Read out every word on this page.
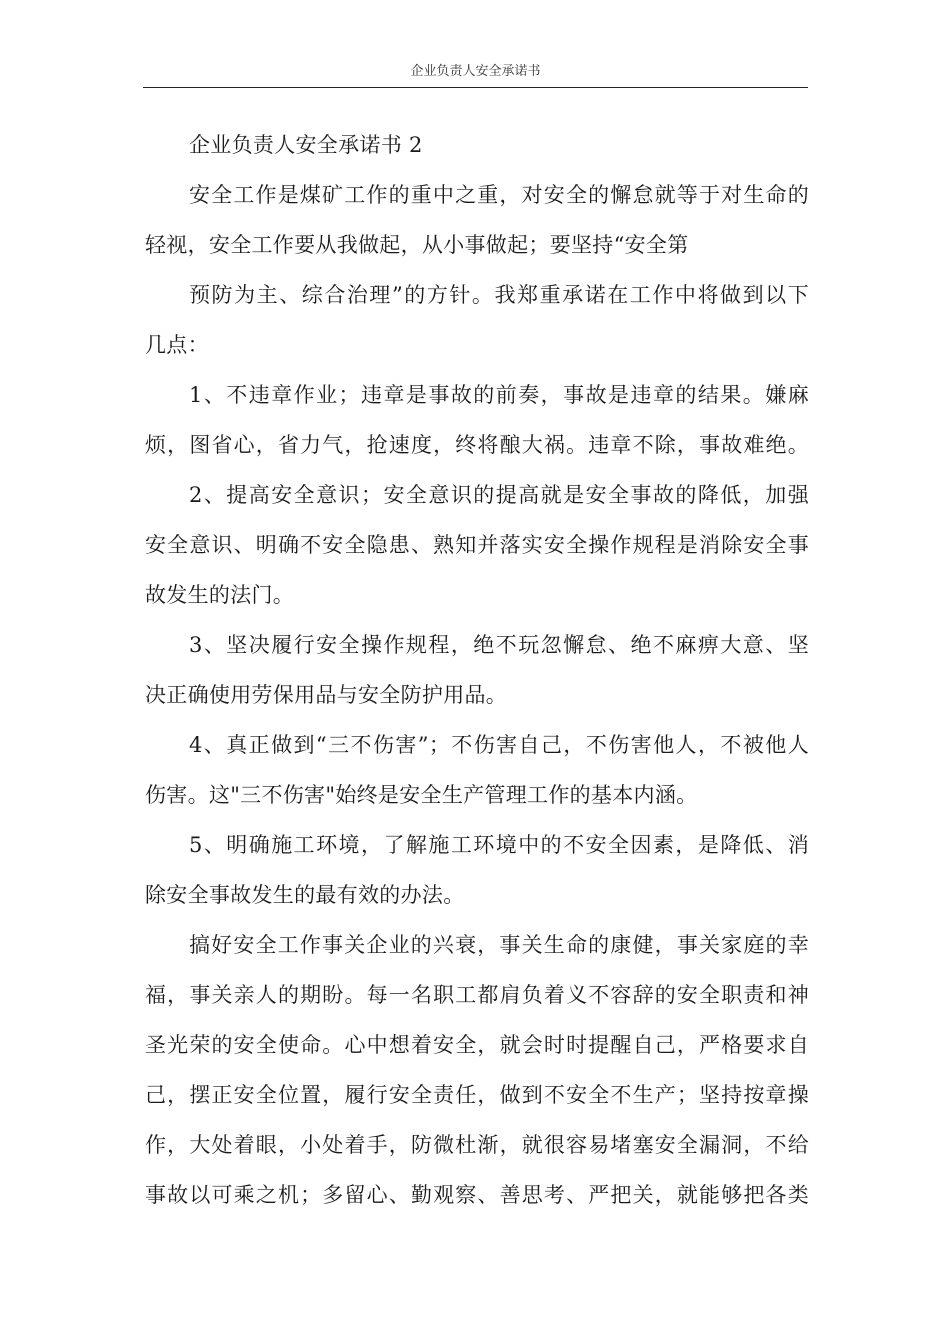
企业负责人安全承诺书
企业负责人安全承诺书 2
安全工作是煤矿工作的重中之重，对安全的懈怠就等于对生命的
轻视，安全工作要从我做起，从小事做起；要坚持“安全第
预防为主、综合治理”的方针。我郑重承诺在工作中将做到以下
几点：
1、不违章作业；违章是事故的前奏，事故是违章的结果。嫌麻
烦，图省心，省力气，抢速度，终将酿大祸。违章不除，事故难绝。
2、提高安全意识；安全意识的提高就是安全事故的降低，加强
安全意识、明确不安全隐患、熟知并落实安全操作规程是消除安全事
故发生的法门。
3、坚决履行安全操作规程，绝不玩忽懈怠、绝不麻痹大意、坚
决正确使用劳保用品与安全防护用品。
4、真正做到“三不伤害”；不伤害自己，不伤害他人，不被他人
伤害。这"三不伤害"始终是安全生产管理工作的基本内涵。
5、明确施工环境，了解施工环境中的不安全因素，是降低、消
除安全事故发生的最有效的办法。
搞好安全工作事关企业的兴衰，事关生命的康健，事关家庭的幸
福，事关亲人的期盼。每一名职工都肩负着义不容辞的安全职责和神
圣光荣的安全使命。心中想着安全，就会时时提醒自己，严格要求自
己，摆正安全位置，履行安全责任，做到不安全不生产；坚持按章操
作，大处着眼，小处着手，防微杜渐，就很容易堵塞安全漏洞，不给
事故以可乘之机；多留心、勤观察、善思考、严把关，就能够把各类
